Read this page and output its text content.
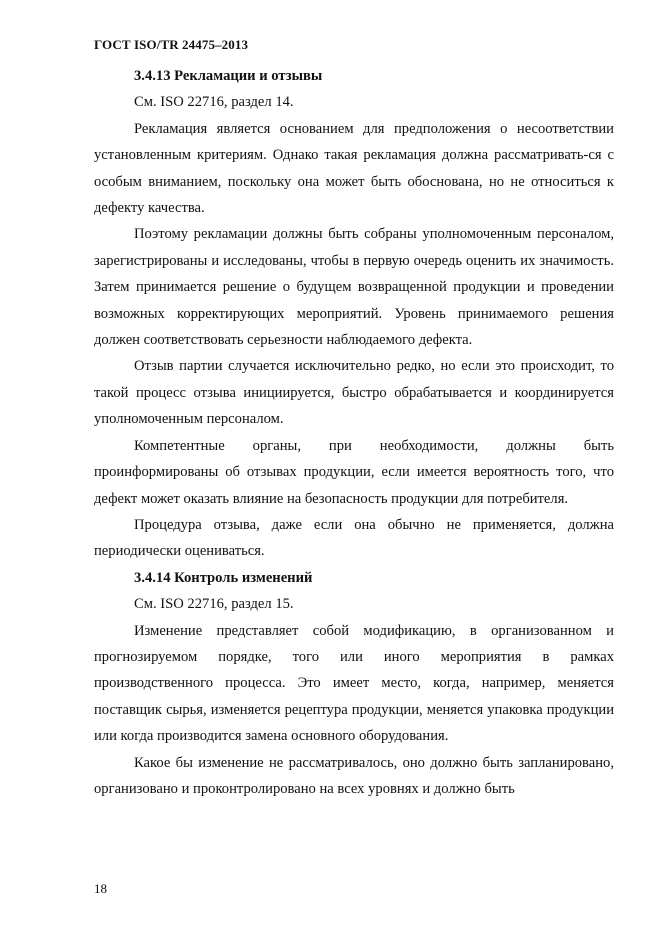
ГОСТ ISO/TR 24475–2013
3.4.13 Рекламации и отзывы

См. ISO 22716, раздел 14.

Рекламация является основанием для предположения о несоответствии установленным критериям. Однако такая рекламация должна рассматривать-ся с особым вниманием, поскольку она может быть обоснована, но не относиться к дефекту качества.

Поэтому рекламации должны быть собраны уполномоченным персоналом, зарегистрированы и исследованы, чтобы в первую очередь оценить их значимость. Затем принимается решение о будущем возвращенной продукции и проведении возможных корректирующих мероприятий. Уровень принимаемого решения должен соответствовать серьезности наблюдаемого дефекта.

Отзыв партии случается исключительно редко, но если это происходит, то такой процесс отзыва инициируется, быстро обрабатывается и координируется уполномоченным персоналом.

Компетентные органы, при необходимости, должны быть проинформированы об отзывах продукции, если имеется вероятность того, что дефект может оказать влияние на безопасность продукции для потребителя.

Процедура отзыва, даже если она обычно не применяется, должна периодически оцениваться.

3.4.14 Контроль изменений

См. ISO 22716, раздел 15.

Изменение представляет собой модификацию, в организованном и прогнозируемом порядке, того или иного мероприятия в рамках производственного процесса. Это имеет место, когда, например, меняется поставщик сырья, изменяется рецептура продукции, меняется упаковка продукции или когда производится замена основного оборудования.

Какое бы изменение не рассматривалось, оно должно быть запланировано, организовано и проконтролировано на всех уровнях и должно быть

18
